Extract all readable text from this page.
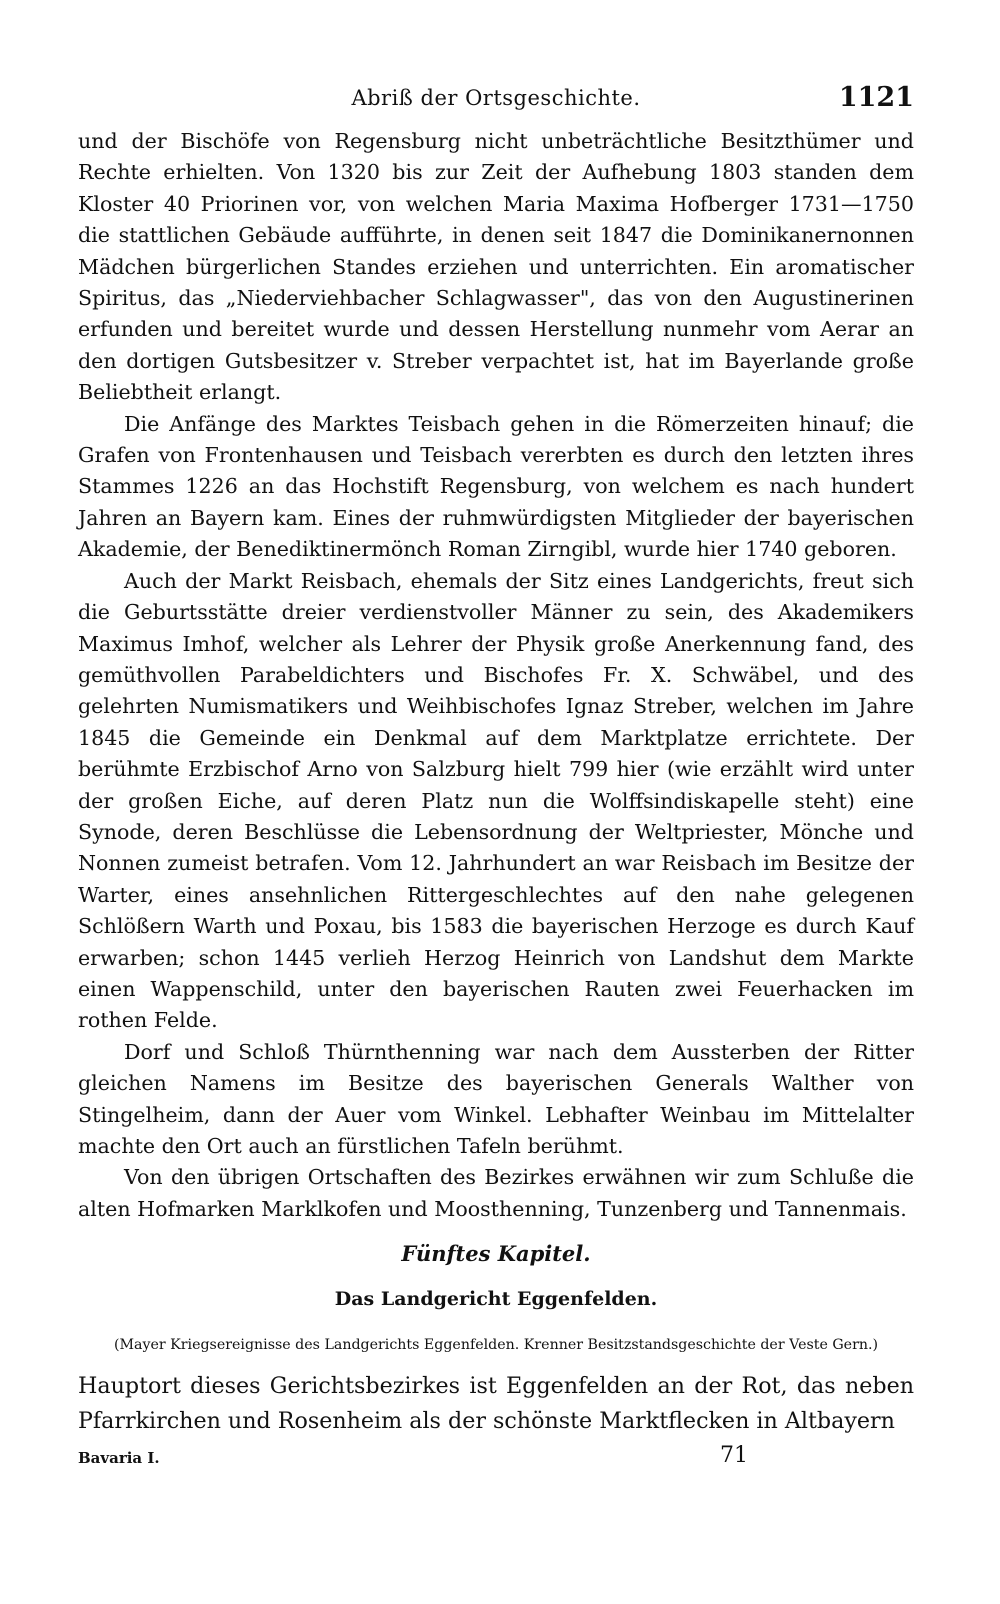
Abriß der Ortsgeschichte.	1121

und der Bischöfe von Regensburg nicht unbeträchtliche Besitzthümer und Rechte erhielten. Von 1320 bis zur Zeit der Aufhebung 1803 standen dem Kloster 40 Priorinen vor, von welchen Maria Maxima Hofberger 1731—1750 die stattlichen Gebäude aufführte, in denen seit 1847 die Dominikanernonnen Mädchen bürgerlichen Standes erziehen und unterrichten. Ein aromatischer Spiritus, das „Niederviehbacher Schlagwasser", das von den Augustinerinen erfunden und bereitet wurde und dessen Herstellung nunmehr vom Aerar an den dortigen Gutsbesitzer v. Streber verpachtet ist, hat im Bayerlande große Beliebtheit erlangt.

Die Anfänge des Marktes Teisbach gehen in die Römerzeiten hinauf; die Grafen von Frontenhausen und Teisbach vererbten es durch den letzten ihres Stammes 1226 an das Hochstift Regensburg, von welchem es nach hundert Jahren an Bayern kam. Eines der ruhmwürdigsten Mitglieder der bayerischen Akademie, der Benediktinermönch Roman Zirngibl, wurde hier 1740 geboren.

Auch der Markt Reisbach, ehemals der Sitz eines Landgerichts, freut sich die Geburtsstätte dreier verdienstvoller Männer zu sein, des Akademikers Maximus Imhof, welcher als Lehrer der Physik große Anerkennung fand, des gemüthvollen Parabeldichters und Bischofes Fr. X. Schwäbel, und des gelehrten Numismatikers und Weihbischofes Ignaz Streber, welchen im Jahre 1845 die Gemeinde ein Denkmal auf dem Marktplatze errichtete. Der berühmte Erzbischof Arno von Salzburg hielt 799 hier (wie erzählt wird unter der großen Eiche, auf deren Platz nun die Wolffsindiskapelle steht) eine Synode, deren Beschlüsse die Lebensordnung der Weltpriester, Mönche und Nonnen zumeist betrafen. Vom 12. Jahrhundert an war Reisbach im Besitze der Warter, eines ansehnlichen Rittergeschlechtes auf den nahe gelegenen Schlößern Warth und Poxau, bis 1583 die bayerischen Herzoge es durch Kauf erwarben; schon 1445 verlieh Herzog Heinrich von Landshut dem Markte einen Wappenschild, unter den bayerischen Rauten zwei Feuerhacken im rothen Felde.

Dorf und Schloß Thürnthenning war nach dem Aussterben der Ritter gleichen Namens im Besitze des bayerischen Generals Walther von Stingelheim, dann der Auer vom Winkel. Lebhafter Weinbau im Mittelalter machte den Ort auch an fürstlichen Tafeln berühmt.

Von den übrigen Ortschaften des Bezirkes erwähnen wir zum Schluße die alten Hofmarken Marklkofen und Moosthenning, Tunzenberg und Tannenmais.

Fünftes Kapitel.
Das Landgericht Eggenfelden.
(Mayer Kriegsereignisse des Landgerichts Eggenfelden. Krenner Besitzstandsgeschichte der Veste Gern.)

Hauptort dieses Gerichtsbezirkes ist Eggenfelden an der Rot, das neben Pfarrkirchen und Rosenheim als der schönste Marktflecken in Altbayern

Bavaria I.	71
